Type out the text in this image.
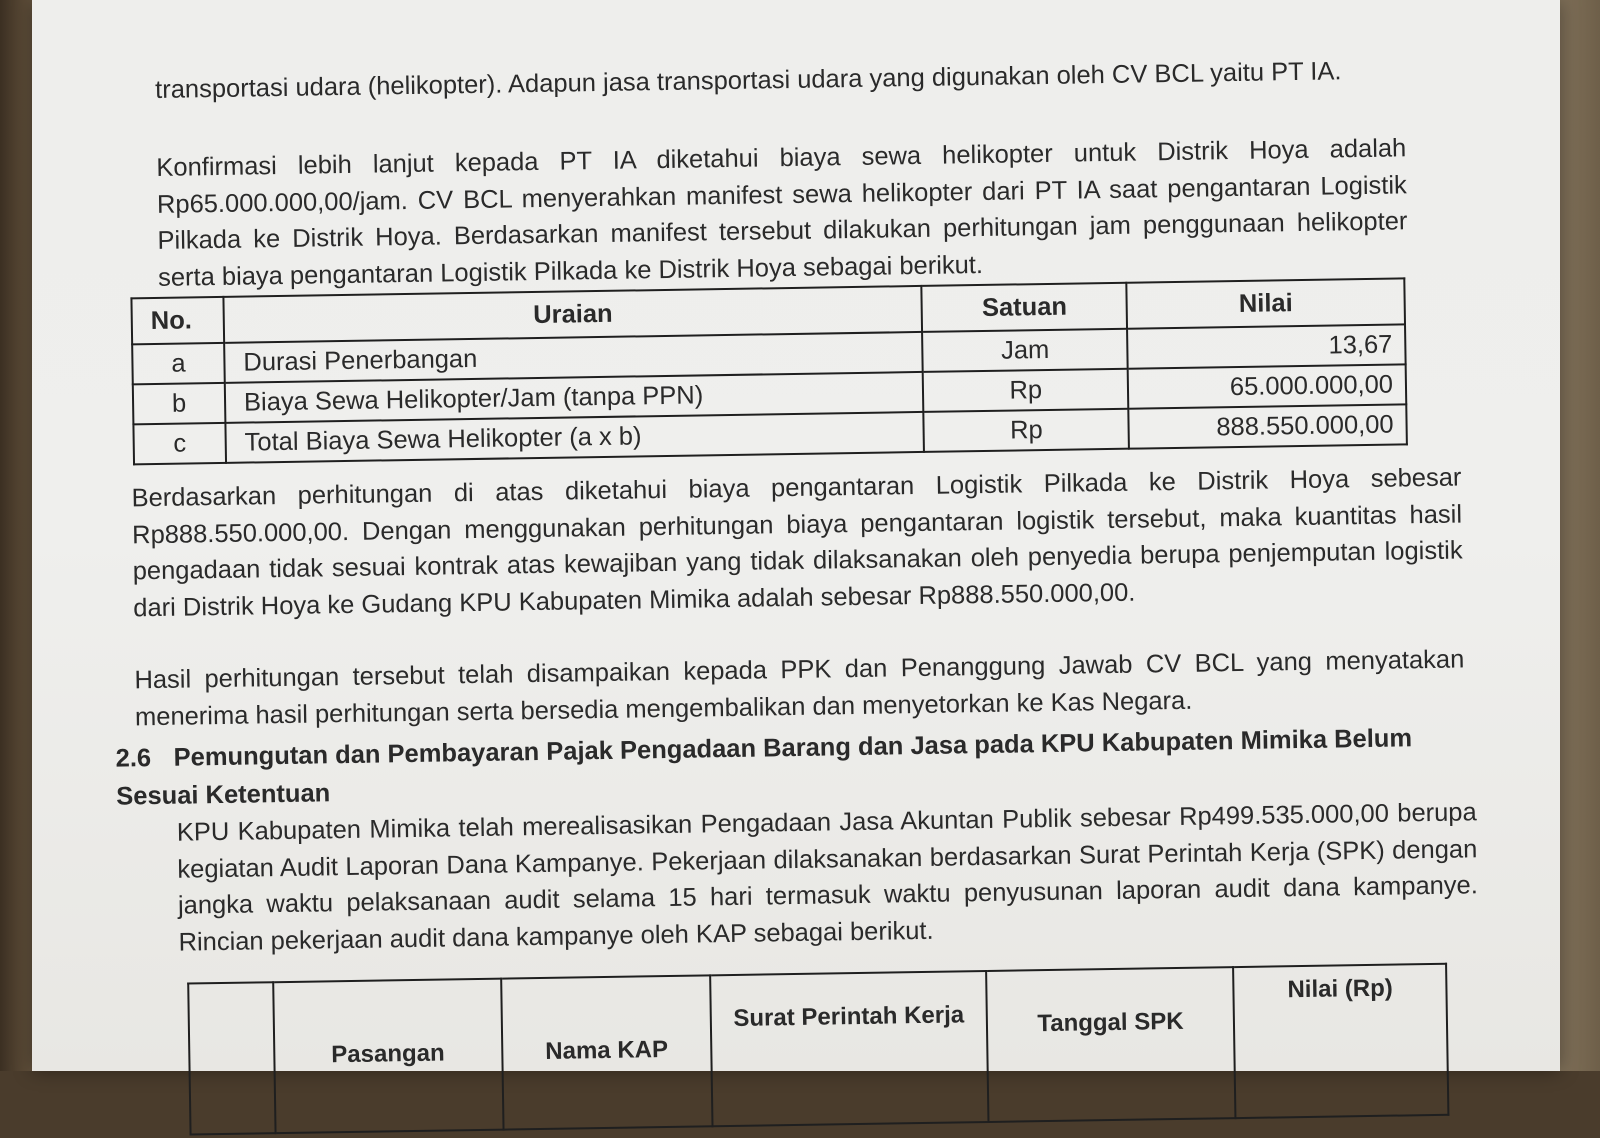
transportasi udara (helikopter). Adapun jasa transportasi udara yang digunakan oleh CV BCL yaitu PT IA.

Konfirmasi lebih lanjut kepada PT IA diketahui biaya sewa helikopter untuk Distrik Hoya adalah Rp65.000.000,00/jam. CV BCL menyerahkan manifest sewa helikopter dari PT IA saat pengantaran Logistik Pilkada ke Distrik Hoya. Berdasarkan manifest tersebut dilakukan perhitungan jam penggunaan helikopter serta biaya pengantaran Logistik Pilkada ke Distrik Hoya sebagai berikut.

No.	Uraian	Satuan	Nilai
a	Durasi Penerbangan	Jam	13,67
b	Biaya Sewa Helikopter/Jam (tanpa PPN)	Rp	65.000.000,00
c	Total Biaya Sewa Helikopter (a x b)	Rp	888.550.000,00

Berdasarkan perhitungan di atas diketahui biaya pengantaran Logistik Pilkada ke Distrik Hoya sebesar Rp888.550.000,00. Dengan menggunakan perhitungan biaya pengantaran logistik tersebut, maka kuantitas hasil pengadaan tidak sesuai kontrak atas kewajiban yang tidak dilaksanakan oleh penyedia berupa penjemputan logistik dari Distrik Hoya ke Gudang KPU Kabupaten Mimika adalah sebesar Rp888.550.000,00.

Hasil perhitungan tersebut telah disampaikan kepada PPK dan Penanggung Jawab CV BCL yang menyatakan menerima hasil perhitungan serta bersedia mengembalikan dan menyetorkan ke Kas Negara.

2.6 Pemungutan dan Pembayaran Pajak Pengadaan Barang dan Jasa pada KPU Kabupaten Mimika Belum Sesuai Ketentuan

KPU Kabupaten Mimika telah merealisasikan Pengadaan Jasa Akuntan Publik sebesar Rp499.535.000,00 berupa kegiatan Audit Laporan Dana Kampanye. Pekerjaan dilaksanakan berdasarkan Surat Perintah Kerja (SPK) dengan jangka waktu pelaksanaan audit selama 15 hari termasuk waktu penyusunan laporan audit dana kampanye. Rincian pekerjaan audit dana kampanye oleh KAP sebagai berikut.

	Pasangan	Nama KAP	Surat Perintah Kerja	Tanggal SPK	Nilai (Rp)
